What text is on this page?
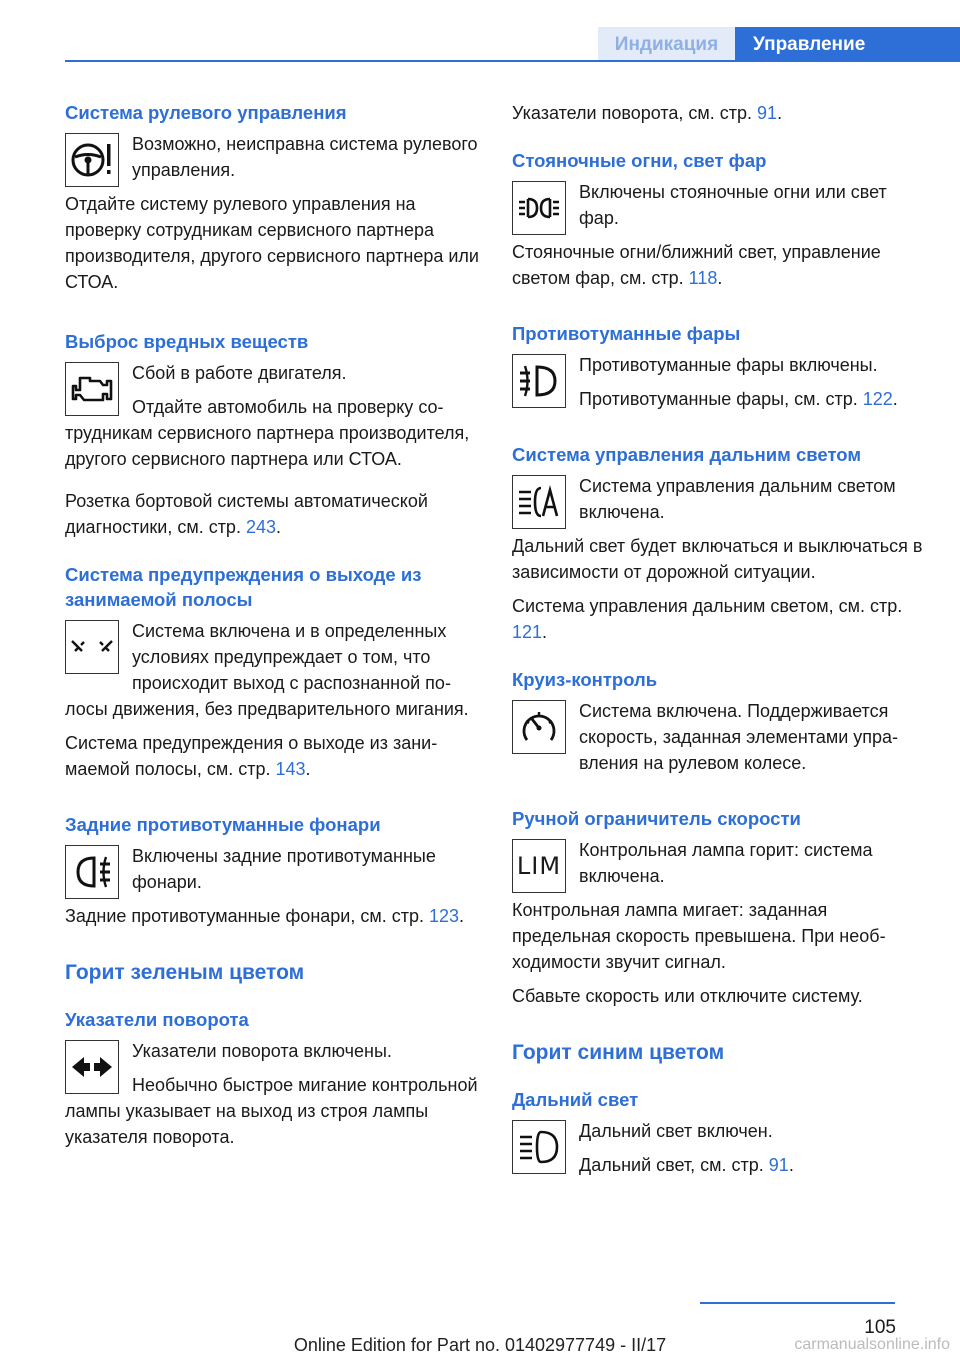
Индикация	Управление
Система рулевого управления
Возможно, неисправна система рулевого управления.
Отдайте систему рулевого управления на проверку сотрудникам сервисного партнера производителя, другого сервисного партнера или СТОА.
Выброс вредных веществ
Сбой в работе двигателя.
Отдайте автомобиль на проверку сотрудникам сервисного партнера производителя, другого сервисного партнера или СТОА.
Розетка бортовой системы автоматической диагностики, см. стр. 243.
Система предупреждения о выходе из занимаемой полосы
Система включена и в определенных условиях предупреждает о том, что происходит выход с распознанной полосы движения, без предварительного мигания.
Система предупреждения о выходе из занимаемой полосы, см. стр. 143.
Задние противотуманные фонари
Включены задние противотуманные фонари.
Задние противотуманные фонари, см. стр. 123.
Горит зеленым цветом
Указатели поворота
Указатели поворота включены.
Необычно быстрое мигание контрольной лампы указывает на выход из строя лампы указателя поворота.
Указатели поворота, см. стр. 91.
Стояночные огни, свет фар
Включены стояночные огни или свет фар.
Стояночные огни/ближний свет, управление светом фар, см. стр. 118.
Противотуманные фары
Противотуманные фары включены.
Противотуманные фары, см. стр. 122.
Система управления дальним светом
Система управления дальним светом включена.
Дальний свет будет включаться и выключаться в зависимости от дорожной ситуации.
Система управления дальним светом, см. стр. 121.
Круиз-контроль
Система включена. Поддерживается скорость, заданная элементами управления на рулевом колесе.
Ручной ограничитель скорости
LIM
Контрольная лампа горит: система включена.
Контрольная лампа мигает: заданная предельная скорость превышена. При необходимости звучит сигнал.
Сбавьте скорость или отключите систему.
Горит синим цветом
Дальний свет
Дальний свет включен.
Дальний свет, см. стр. 91.
105
Online Edition for Part no. 01402977749 - II/17	carmanualsonline.info
